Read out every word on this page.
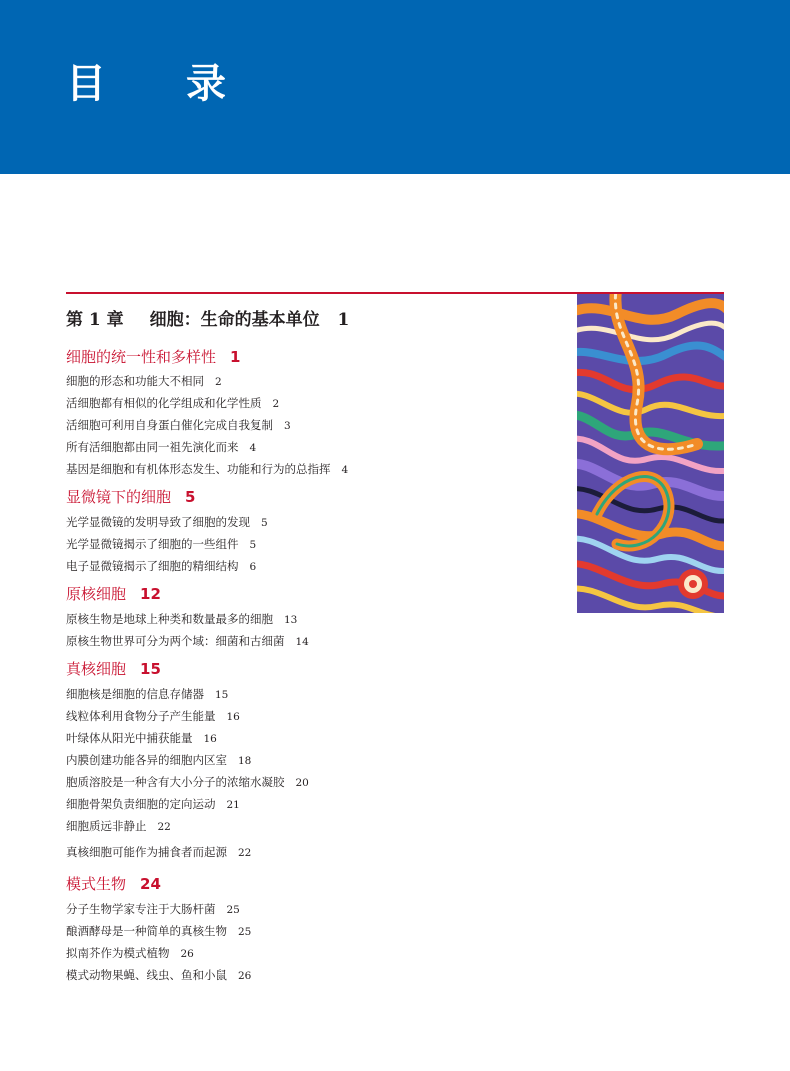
目录
第 1 章 细胞：生命的基本单位 1
细胞的统一性和多样性 1
细胞的形态和功能大不相同 2
活细胞都有相似的化学组成和化学性质 2
活细胞可利用自身蛋白催化完成自我复制 3
所有活细胞都由同一祖先演化而来 4
基因是细胞和有机体形态发生、功能和行为的总指挥 4
显微镜下的细胞 5
光学显微镜的发明导致了细胞的发现 5
光学显微镜揭示了细胞的一些组件 5
电子显微镜揭示了细胞的精细结构 6
原核细胞 12
原核生物是地球上种类和数量最多的细胞 13
原核生物世界可分为两个域：细菌和古细菌 14
真核细胞 15
细胞核是细胞的信息存储器 15
线粒体利用食物分子产生能量 16
叶绿体从阳光中捕获能量 16
内膜创建功能各异的细胞内区室 18
胞质溶胶是一种含有大小分子的浓缩水凝胶 20
细胞骨架负责细胞的定向运动 21
细胞质远非静止 22
真核细胞可能作为捕食者而起源 22
模式生物 24
分子生物学家专注于大肠杆菌 25
酿酒酵母是一种简单的真核生物 25
拟南芥作为模式植物 26
模式动物果蝇、线虫、鱼和小鼠 26
